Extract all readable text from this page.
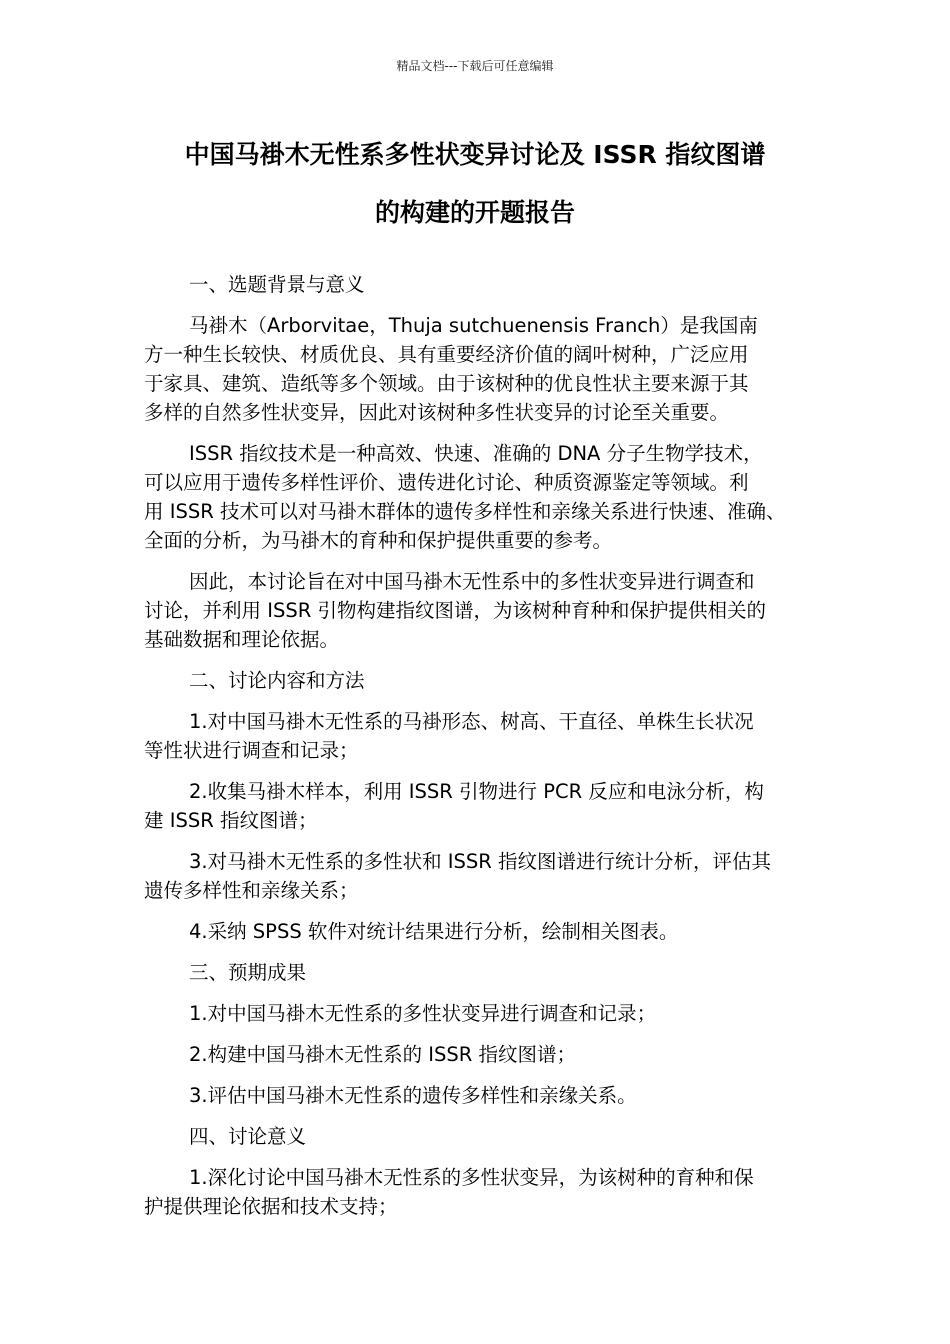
精品文档---下载后可任意编辑
中国马褂木无性系多性状变异讨论及 ISSR 指纹图谱
的构建的开题报告

一、选题背景与意义

马褂木（Arborvitae，Thuja sutchuenensis Franch）是我国南
方一种生长较快、材质优良、具有重要经济价值的阔叶树种，广泛应用
于家具、建筑、造纸等多个领域。由于该树种的优良性状主要来源于其
多样的自然多性状变异，因此对该树种多性状变异的讨论至关重要。

ISSR 指纹技术是一种高效、快速、准确的 DNA 分子生物学技术，
可以应用于遗传多样性评价、遗传进化讨论、种质资源鉴定等领域。利
用 ISSR 技术可以对马褂木群体的遗传多样性和亲缘关系进行快速、准确、
全面的分析，为马褂木的育种和保护提供重要的参考。

因此，本讨论旨在对中国马褂木无性系中的多性状变异进行调查和
讨论，并利用 ISSR 引物构建指纹图谱，为该树种育种和保护提供相关的
基础数据和理论依据。

二、讨论内容和方法

1.对中国马褂木无性系的马褂形态、树高、干直径、单株生长状况
等性状进行调查和记录；

2.收集马褂木样本，利用 ISSR 引物进行 PCR 反应和电泳分析，构
建 ISSR 指纹图谱；

3.对马褂木无性系的多性状和 ISSR 指纹图谱进行统计分析，评估其
遗传多样性和亲缘关系；

4.采纳 SPSS 软件对统计结果进行分析，绘制相关图表。

三、预期成果

1.对中国马褂木无性系的多性状变异进行调查和记录；

2.构建中国马褂木无性系的 ISSR 指纹图谱；

3.评估中国马褂木无性系的遗传多样性和亲缘关系。

四、讨论意义

1.深化讨论中国马褂木无性系的多性状变异，为该树种的育种和保
护提供理论依据和技术支持；
